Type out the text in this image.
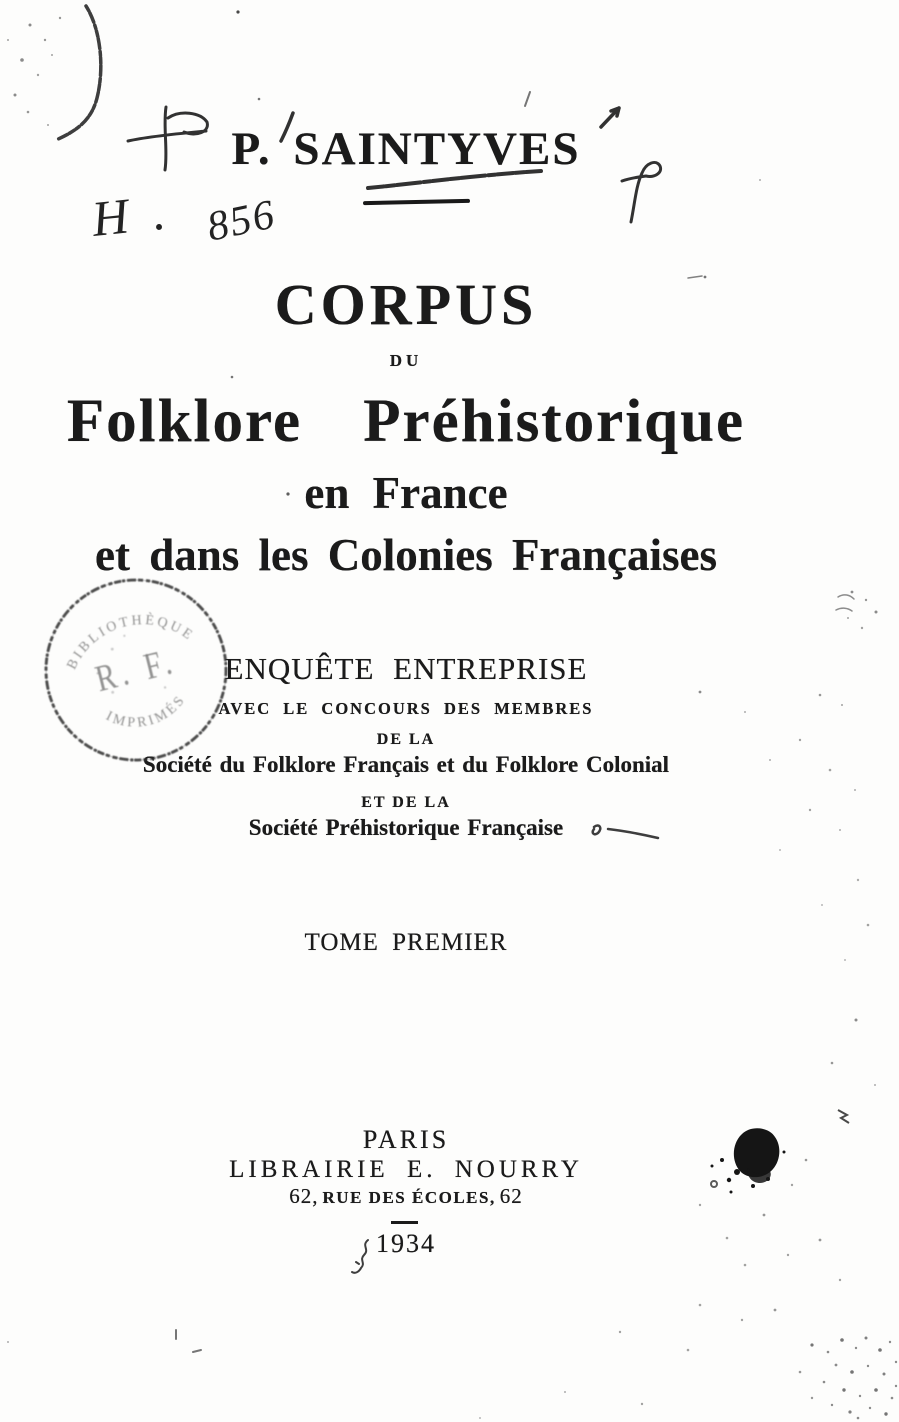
P. SAINTYVES
CORPUS
DU
Folklore Préhistorique
en France
et dans les Colonies Françaises
ENQUÊTE ENTREPRISE
AVEC LE CONCOURS DES MEMBRES
DE LA
Société du Folklore Français et du Folklore Colonial
ET DE LA
Société Préhistorique Française
TOME PREMIER
PARIS
LIBRAIRIE E. NOURRY
62, RUE DES ÉCOLES, 62
1934
H . 856
BIBLIOTHÈQUE
R. F.
IMPRIMÉS
